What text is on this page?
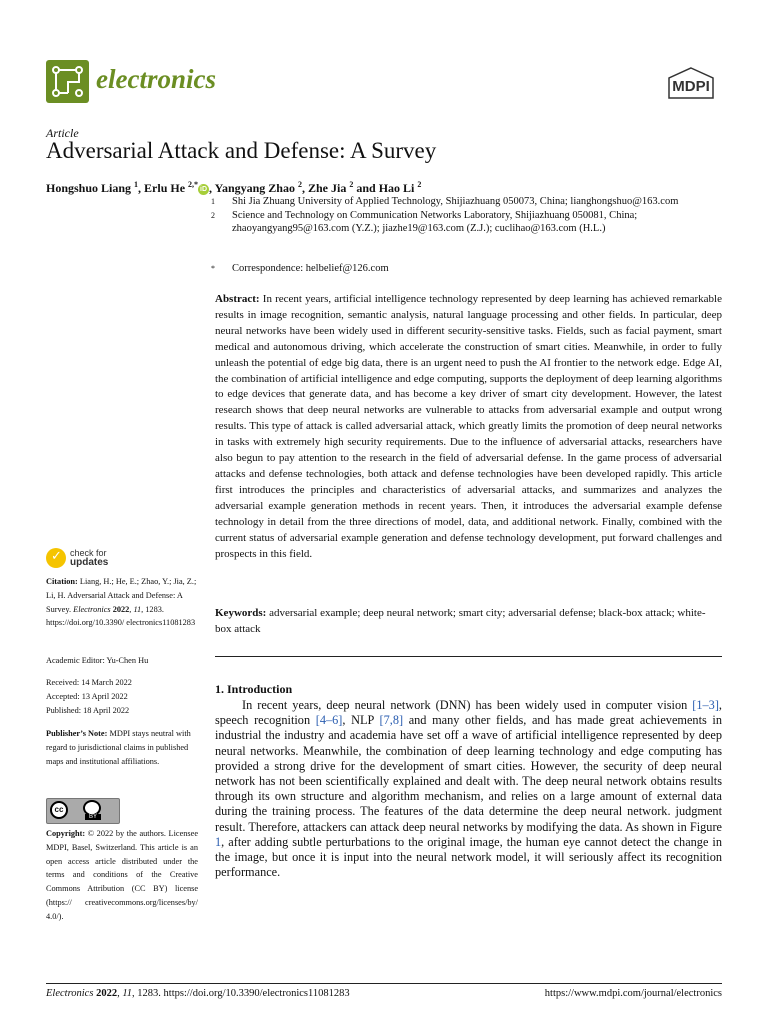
electronics	MDPI
Article
Adversarial Attack and Defense: A Survey
Hongshuo Liang $^1$, Erlu He $^{2,*}$iD , Yangyang Zhao $^2$, Zhe Jia $^2$ and Hao Li $^2$
1 Shi Jia Zhuang University of Applied Technology, Shijiazhuang 050073, China; lianghongshuo@163.com
2 Science and Technology on Communication Networks Laboratory, Shijiazhuang 050081, China; zhaoyangyang95@163.com (Y.Z.); jiazhe19@163.com (Z.J.); cuclihao@163.com (H.L.)
* Correspondence: helbelief@126.com
Abstract: In recent years, artificial intelligence technology represented by deep learning has achieved remarkable results in image recognition, semantic analysis, natural language processing and other fields. In particular, deep neural networks have been widely used in different security-sensitive tasks. Fields, such as facial payment, smart medical and autonomous driving, which accelerate the construction of smart cities. Meanwhile, in order to fully unleash the potential of edge big data, there is an urgent need to push the AI frontier to the network edge. Edge AI, the combination of artificial intelligence and edge computing, supports the deployment of deep learning algorithms to edge devices that generate data, and has become a key driver of smart city development. However, the latest research shows that deep neural networks are vulnerable to attacks from adversarial example and output wrong results. This type of attack is called adversarial attack, which greatly limits the promotion of deep neural networks in tasks with extremely high security requirements. Due to the influence of adversarial attacks, researchers have also begun to pay attention to the research in the field of adversarial defense. In the game process of adversarial attacks and defense technologies, both attack and defense technologies have been developed rapidly. This article first introduces the principles and characteristics of adversarial attacks, and summarizes and analyzes the adversarial example generation methods in recent years. Then, it introduces the adversarial example defense technology in detail from the three directions of model, data, and additional network. Finally, combined with the current status of adversarial example generation and defense technology development, put forward challenges and prospects in this field.
Keywords: adversarial example; deep neural network; smart city; adversarial defense; black-box attack; white-box attack
1. Introduction
In recent years, deep neural network (DNN) has been widely used in computer vision [1–3], speech recognition [4–6], NLP [7,8] and many other fields, and has made great achievements in industrial the industry and academia have set off a wave of artificial intelligence represented by deep neural networks. Meanwhile, the combination of deep learning technology and edge computing has provided a strong drive for the development of smart cities. However, the security of deep neural network has not been scientifically explained and dealt with. The deep neural network obtains results through its own structure and algorithm mechanism, and relies on a large amount of external data during the training process. The features of the data determine the deep neural network. judgment result. Therefore, attackers can attack deep neural networks by modifying the data. As shown in Figure 1, after adding subtle perturbations to the original image, the human eye cannot detect the change in the image, but once it is input into the neural network model, it will seriously affect its recognition performance.
✓ check for
updates
Citation: Liang, H.; He, E.; Zhao, Y.; Jia, Z.; Li, H. Adversarial Attack and Defense: A Survey. Electronics 2022, 11, 1283. https://doi.org/10.3390/ electronics11081283
Academic Editor: Yu-Chen Hu
Received: 14 March 2022
Accepted: 13 April 2022
Published: 18 April 2022
Publisher’s Note: MDPI stays neutral with regard to jurisdictional claims in published maps and institutional affiliations.
cc
BY
Copyright: © 2022 by the authors. Licensee MDPI, Basel, Switzerland. This article is an open access article distributed under the terms and conditions of the Creative Commons Attribution (CC BY) license (https:// creativecommons.org/licenses/by/ 4.0/).
Electronics 2022, 11, 1283. https://doi.org/10.3390/electronics11081283	https://www.mdpi.com/journal/electronics
